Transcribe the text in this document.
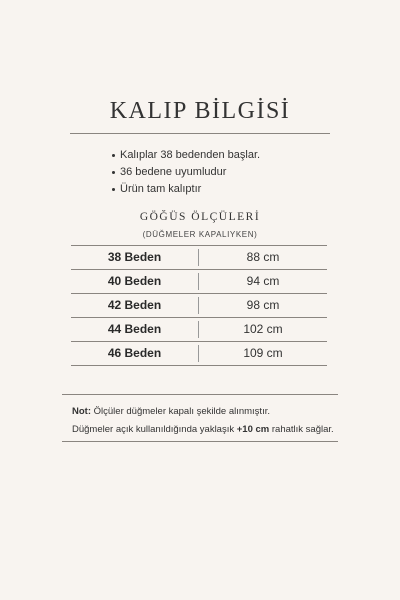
KALIP BİLGİSİ
Kalıplar 38 bedenden başlar.
36 bedene uyumludur
Ürün tam kalıptır
GÖĞÜS ÖLÇÜLERİ
(DÜĞMELER KAPALIYKEN)
38 Beden	88 cm
40 Beden	94 cm
42 Beden	98 cm
44 Beden	102 cm
46 Beden	109 cm
Not: Ölçüler düğmeler kapalı şekilde alınmıştır.
Düğmeler açık kullanıldığında yaklaşık +10 cm rahatlık sağlar.
